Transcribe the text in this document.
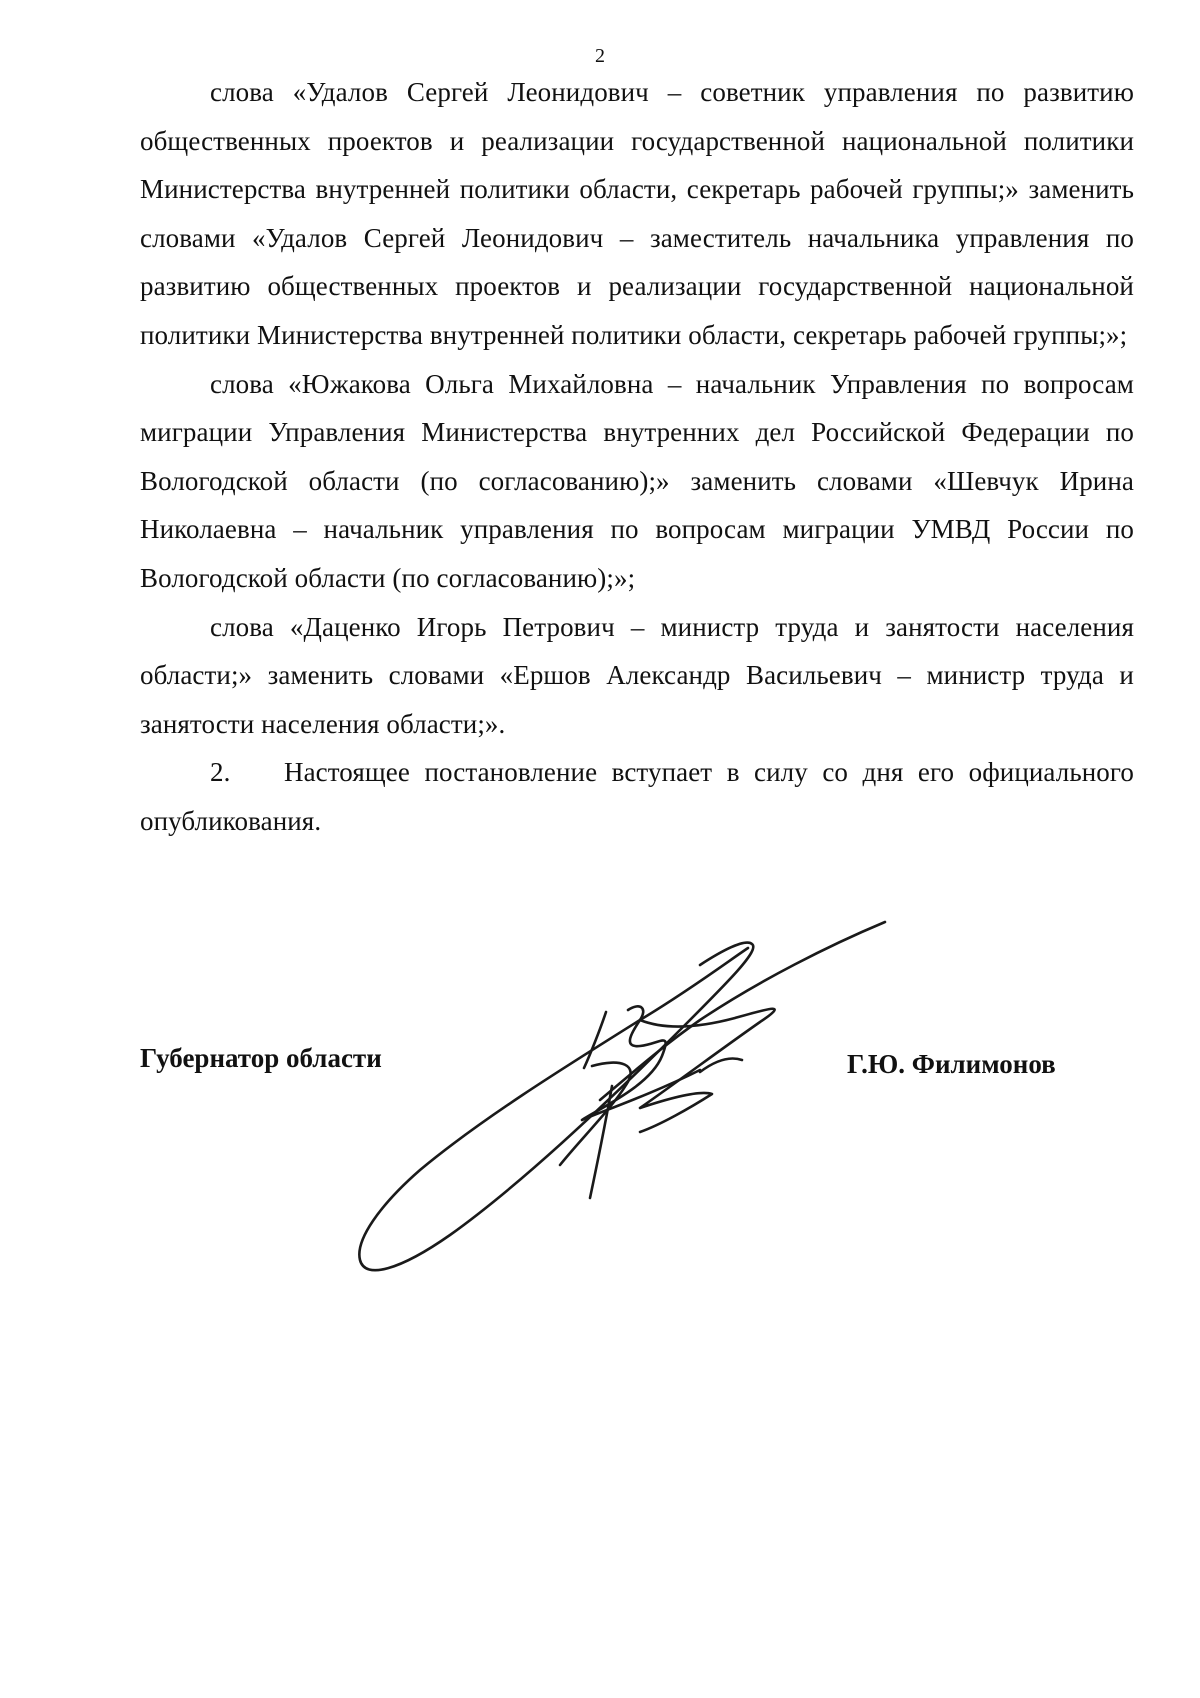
2

слова «Удалов Сергей Леонидович – советник управления по развитию общественных проектов и реализации государственной национальной политики Министерства внутренней политики области, секретарь рабочей группы;» заменить словами «Удалов Сергей Леонидович – заместитель начальника управления по развитию общественных проектов и реализации государственной национальной политики Министерства внутренней политики области, секретарь рабочей группы;»;

слова «Южакова Ольга Михайловна – начальник Управления по вопросам миграции Управления Министерства внутренних дел Российской Федерации по Вологодской области (по согласованию);» заменить словами «Шевчук Ирина Николаевна – начальник управления по вопросам миграции УМВД России по Вологодской области (по согласованию);»;

слова «Даценко Игорь Петрович – министр труда и занятости населения области;» заменить словами «Ершов Александр Васильевич – министр труда и занятости населения области;».

2. Настоящее постановление вступает в силу со дня его официального опубликования.

Губернатор области	Г.Ю. Филимонов
